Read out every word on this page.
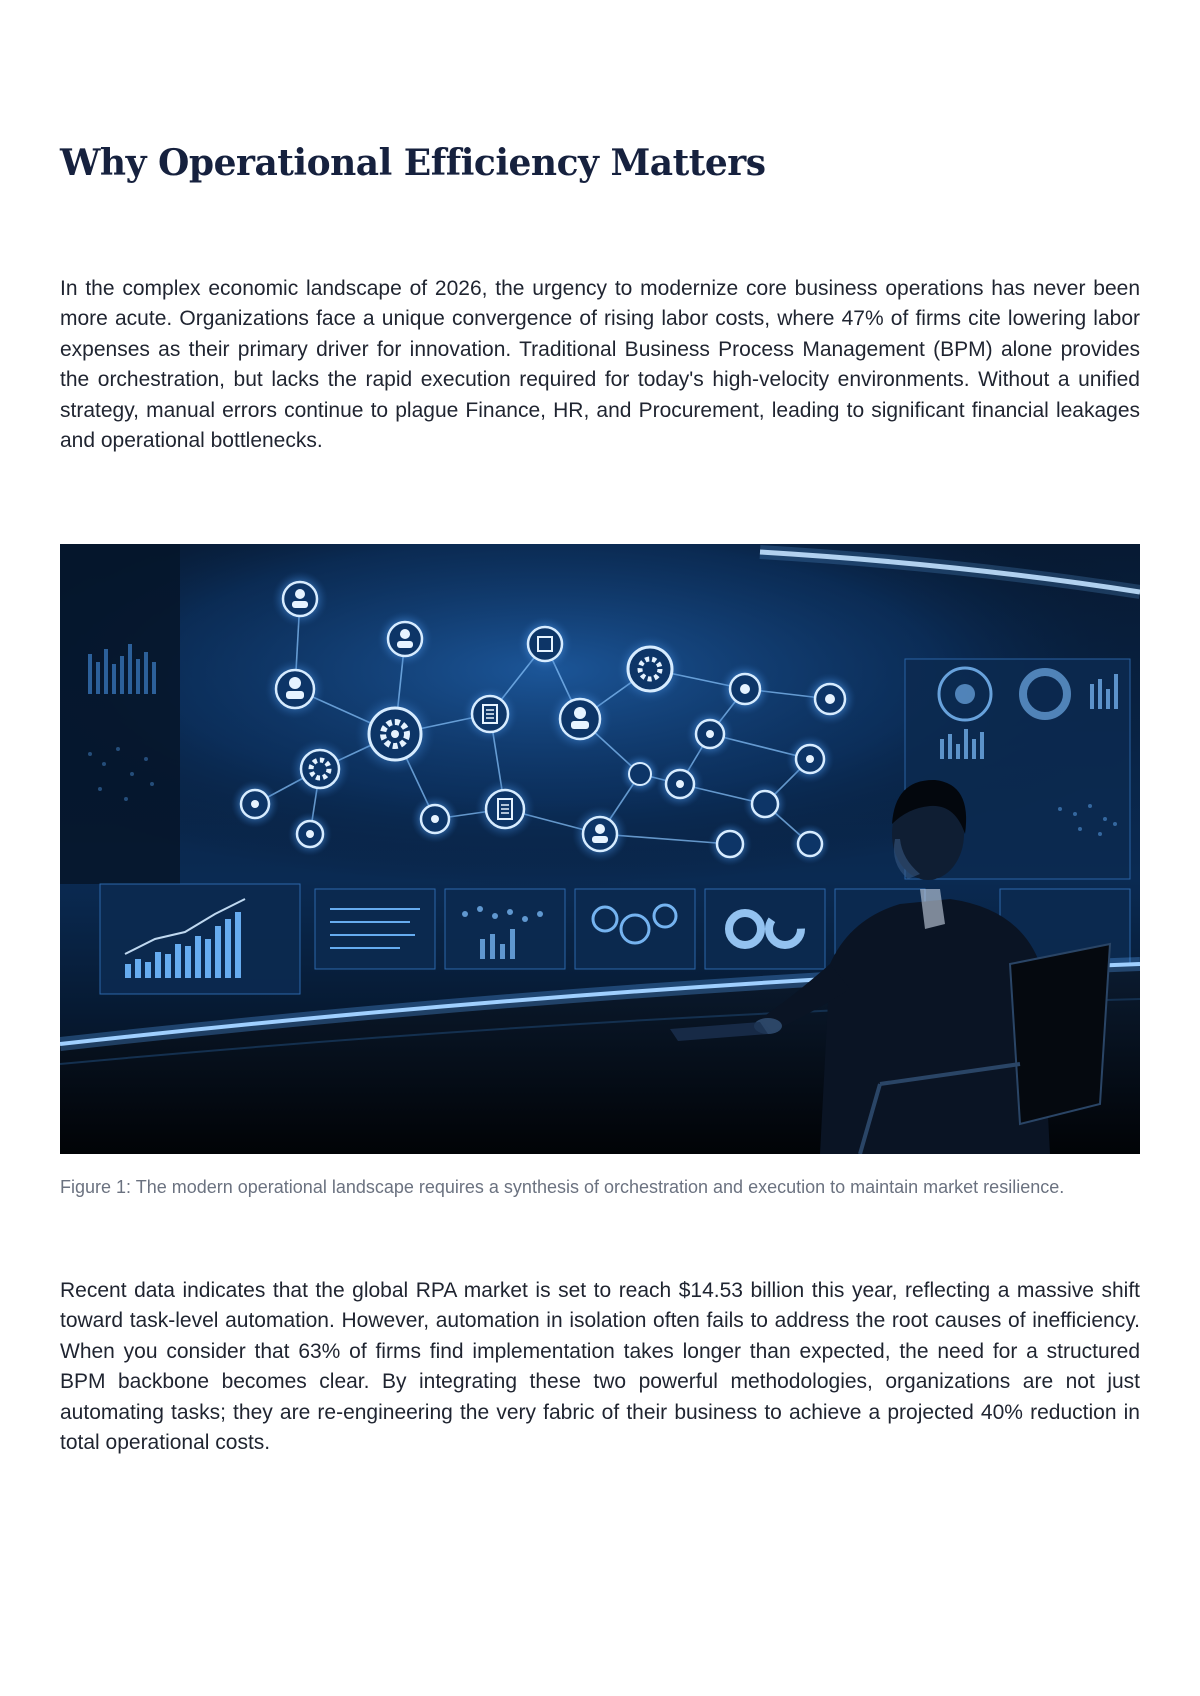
Why Operational Efficiency Matters

In the complex economic landscape of 2026, the urgency to modernize core business operations has never been more acute. Organizations face a unique convergence of rising labor costs, where 47% of firms cite lowering labor expenses as their primary driver for innovation. Traditional Business Process Management (BPM) alone provides the orchestration, but lacks the rapid execution required for today's high-velocity environments. Without a unified strategy, manual errors continue to plague Finance, HR, and Procurement, leading to significant financial leakages and operational bottlenecks.

Figure 1: The modern operational landscape requires a synthesis of orchestration and execution to maintain market resilience.

Recent data indicates that the global RPA market is set to reach $14.53 billion this year, reflecting a massive shift toward task-level automation. However, automation in isolation often fails to address the root causes of inefficiency. When you consider that 63% of firms find implementation takes longer than expected, the need for a structured BPM backbone becomes clear. By integrating these two powerful methodologies, organizations are not just automating tasks; they are re-engineering the very fabric of their business to achieve a projected 40% reduction in total operational costs.
